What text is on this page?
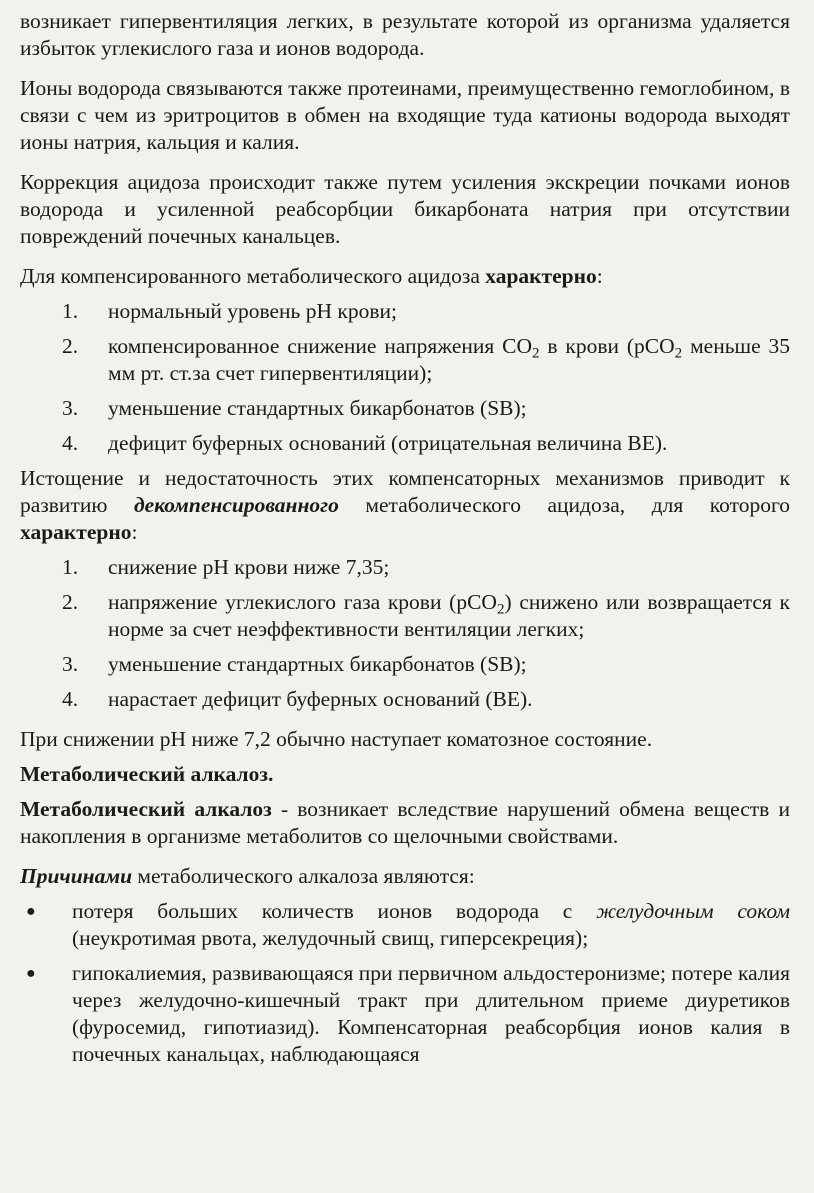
возникает гипервентиляция легких, в результате которой из организма удаляется избыток углекислого газа и ионов водорода.

Ионы водорода связываются также протеинами, преимущественно гемоглобином, в связи с чем из эритроцитов в обмен на входящие туда катионы водорода выходят ионы натрия, кальция и калия.

Коррекция ацидоза происходит также путем усиления экскреции почками ионов водорода и усиленной реабсорбции бикарбоната натрия при отсутствии повреждений почечных канальцев.

Для компенсированного метаболического ацидоза характерно:

1.	нормальный уровень рН крови;
2.	компенсированное снижение напряжения $СО_2$ в крови (рСО$_2$ меньше 35 мм рт. ст.за счет гипервентиляции);
3.	уменьшение стандартных бикарбонатов (SB);
4.	дефицит буферных оснований (отрицательная величина ВЕ).

Истощение и недостаточность этих компенсаторных механизмов приводит к развитию декомпенсированного метаболического ацидоза, для которого характерно:

1.	снижение рН крови ниже 7,35;
2.	напряжение углекислого газа крови (рСО$_2$) снижено или возвращается к норме за счет неэффективности вентиляции легких;
3.	уменьшение стандартных бикарбонатов (SB);
4.	нарастает дефицит буферных оснований (ВЕ).

При снижении рН ниже 7,2 обычно наступает коматозное состояние.

Метаболический алкалоз.

Метаболический алкалоз - возникает вследствие нарушений обмена веществ и накопления в организме метаболитов со щелочными свойствами.

Причинами метаболического алкалоза являются:

●	потеря больших количеств ионов водорода с желудочным соком (неукротимая рвота, желудочный свищ, гиперсекреция);
●	гипокалиемия, развивающаяся при первичном альдостеронизме; потере калия через желудочно-кишечный тракт при длительном приеме диуретиков (фуросемид, гипотиазид). Компенсаторная реабсорбция ионов калия в почечных канальцах, наблюдающаяся
